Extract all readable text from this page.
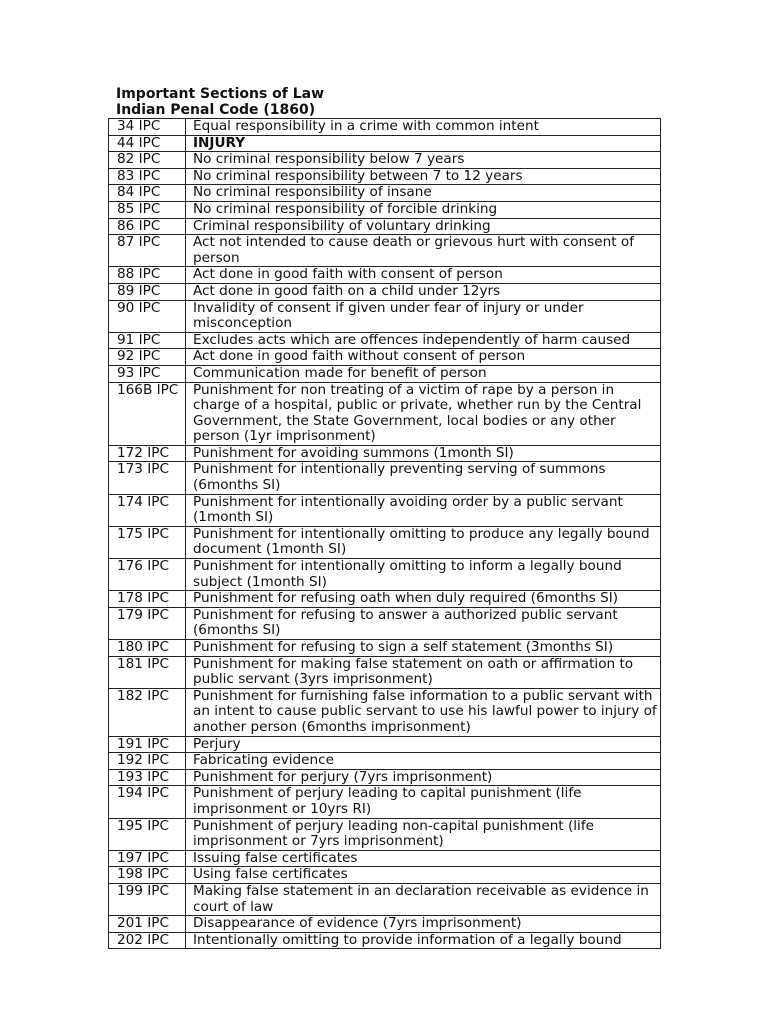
Important Sections of Law
Indian Penal Code (1860)
34 IPC	Equal responsibility in a crime with common intent
44 IPC	INJURY
82 IPC	No criminal responsibility below 7 years
83 IPC	No criminal responsibility between 7 to 12 years
84 IPC	No criminal responsibility of insane
85 IPC	No criminal responsibility of forcible drinking
86 IPC	Criminal responsibility of voluntary drinking
87 IPC	Act not intended to cause death or grievous hurt with consent of person
88 IPC	Act done in good faith with consent of person
89 IPC	Act done in good faith on a child under 12yrs
90 IPC	Invalidity of consent if given under fear of injury or under misconception
91 IPC	Excludes acts which are offences independently of harm caused
92 IPC	Act done in good faith without consent of person
93 IPC	Communication made for benefit of person
166B IPC	Punishment for non treating of a victim of rape by a person in charge of a hospital, public or private, whether run by the Central Government, the State Government, local bodies or any other person (1yr imprisonment)
172 IPC	Punishment for avoiding summons (1month SI)
173 IPC	Punishment for intentionally preventing serving of summons (6months SI)
174 IPC	Punishment for intentionally avoiding order by a public servant (1month SI)
175 IPC	Punishment for intentionally omitting to produce any legally bound document (1month SI)
176 IPC	Punishment for intentionally omitting to inform a legally bound subject (1month SI)
178 IPC	Punishment for refusing oath when duly required (6months SI)
179 IPC	Punishment for refusing to answer a authorized public servant (6months SI)
180 IPC	Punishment for refusing to sign a self statement (3months SI)
181 IPC	Punishment for making false statement on oath or affirmation to public servant (3yrs imprisonment)
182 IPC	Punishment for furnishing false information to a public servant with an intent to cause public servant to use his lawful power to injury of another person (6months imprisonment)
191 IPC	Perjury
192 IPC	Fabricating evidence
193 IPC	Punishment for perjury (7yrs imprisonment)
194 IPC	Punishment of perjury leading to capital punishment (life imprisonment or 10yrs RI)
195 IPC	Punishment of perjury leading non-capital punishment (life imprisonment or 7yrs imprisonment)
197 IPC	Issuing false certificates
198 IPC	Using false certificates
199 IPC	Making false statement in an declaration receivable as evidence in court of law
201 IPC	Disappearance of evidence (7yrs imprisonment)
202 IPC	Intentionally omitting to provide information of a legally bound
